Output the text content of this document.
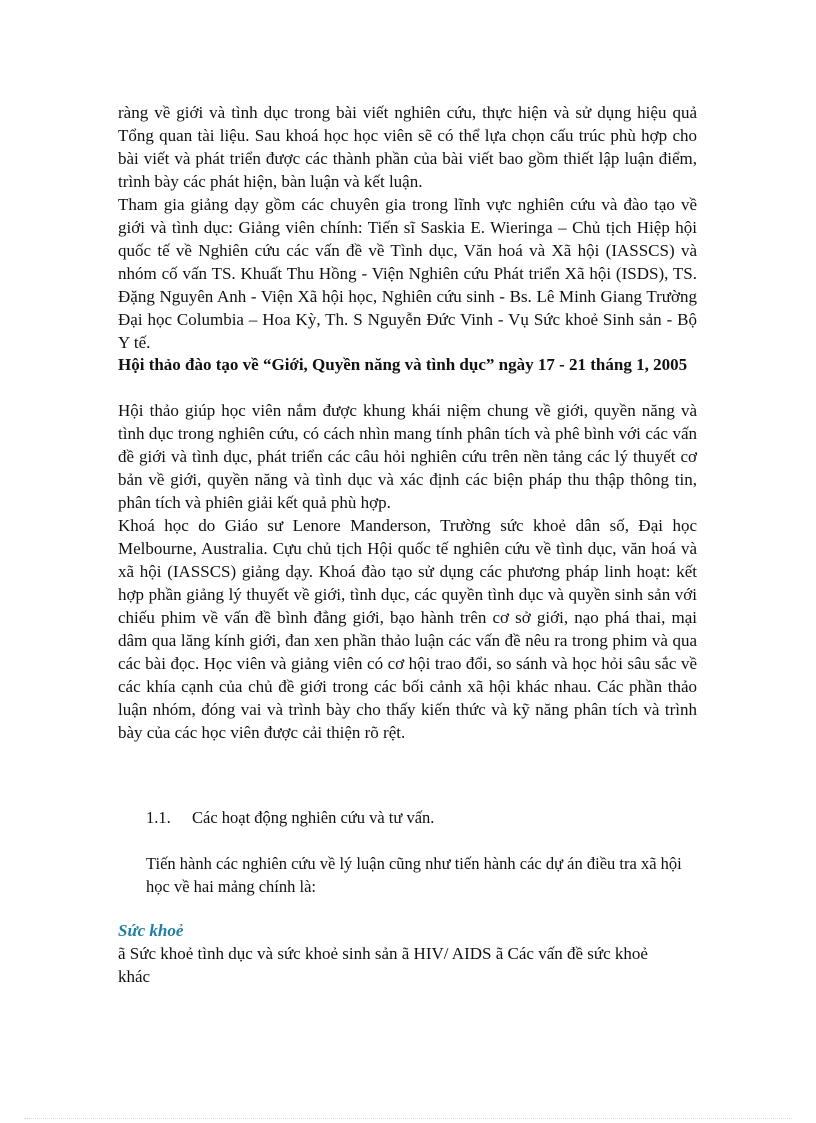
ràng về giới và tình dục trong bài viết nghiên cứu, thực hiện và sử dụng hiệu quả Tổng quan tài liệu. Sau khoá học học viên sẽ có thể lựa chọn cấu trúc phù hợp cho bài viết và phát triển được các thành phần của bài viết bao gồm thiết lập luận điểm, trình bày các phát hiện, bàn luận và kết luận.

Tham gia giảng dạy gồm các chuyên gia trong lĩnh vực nghiên cứu và đào tạo về giới và tình dục: Giảng viên chính: Tiến sĩ Saskia E. Wieringa – Chủ tịch Hiệp hội quốc tế về Nghiên cứu các vấn đề về Tình dục, Văn hoá và Xã hội (IASSCS) và nhóm cố vấn TS. Khuất Thu Hồng - Viện Nghiên cứu Phát triển Xã hội (ISDS), TS. Đặng Nguyên Anh - Viện Xã hội học, Nghiên cứu sinh - Bs. Lê Minh Giang Trường Đại học Columbia – Hoa Kỳ, Th. S Nguyễn Đức Vinh - Vụ Sức khoẻ Sinh sản - Bộ Y tế.

Hội thảo đào tạo về “Giới, Quyền năng và tình dục” ngày 17 - 21 tháng 1, 2005

Hội thảo giúp học viên nắm được khung khái niệm chung về giới, quyền năng và tình dục trong nghiên cứu, có cách nhìn mang tính phân tích và phê bình với các vấn đề giới và tình dục, phát triển các câu hỏi nghiên cứu trên nền tảng các lý thuyết cơ bản về giới, quyền năng và tình dục và xác định các biện pháp thu thập thông tin, phân tích và phiên giải kết quả phù hợp.

Khoá học do Giáo sư Lenore Manderson, Trường sức khoẻ dân số, Đại học Melbourne, Australia. Cựu chủ tịch Hội quốc tế nghiên cứu về tình dục, văn hoá và xã hội (IASSCS) giảng dạy. Khoá đào tạo sử dụng các phương pháp linh hoạt: kết hợp phần giảng lý thuyết về giới, tình dục, các quyền tình dục và quyền sinh sản với chiếu phim về vấn đề bình đẳng giới, bạo hành trên cơ sở giới, nạo phá thai, mại dâm qua lăng kính giới, đan xen phần thảo luận các vấn đề nêu ra trong phim và qua các bài đọc. Học viên và giảng viên có cơ hội trao đổi, so sánh và học hỏi sâu sắc về các khía cạnh của chủ đề giới trong các bối cảnh xã hội khác nhau. Các phần thảo luận nhóm, đóng vai và trình bày cho thấy kiến thức và kỹ năng phân tích và trình bày của các học viên được cải thiện rõ rệt.

1.1. Các hoạt động nghiên cứu và tư vấn.

Tiến hành các nghiên cứu về lý luận cũng như tiến hành các dự án điều tra xã hội học về hai mảng chính là:

Sức khoẻ

ã Sức khoẻ tình dục và sức khoẻ sinh sản ã HIV/ AIDS ã Các vấn đề sức khoẻ khác
